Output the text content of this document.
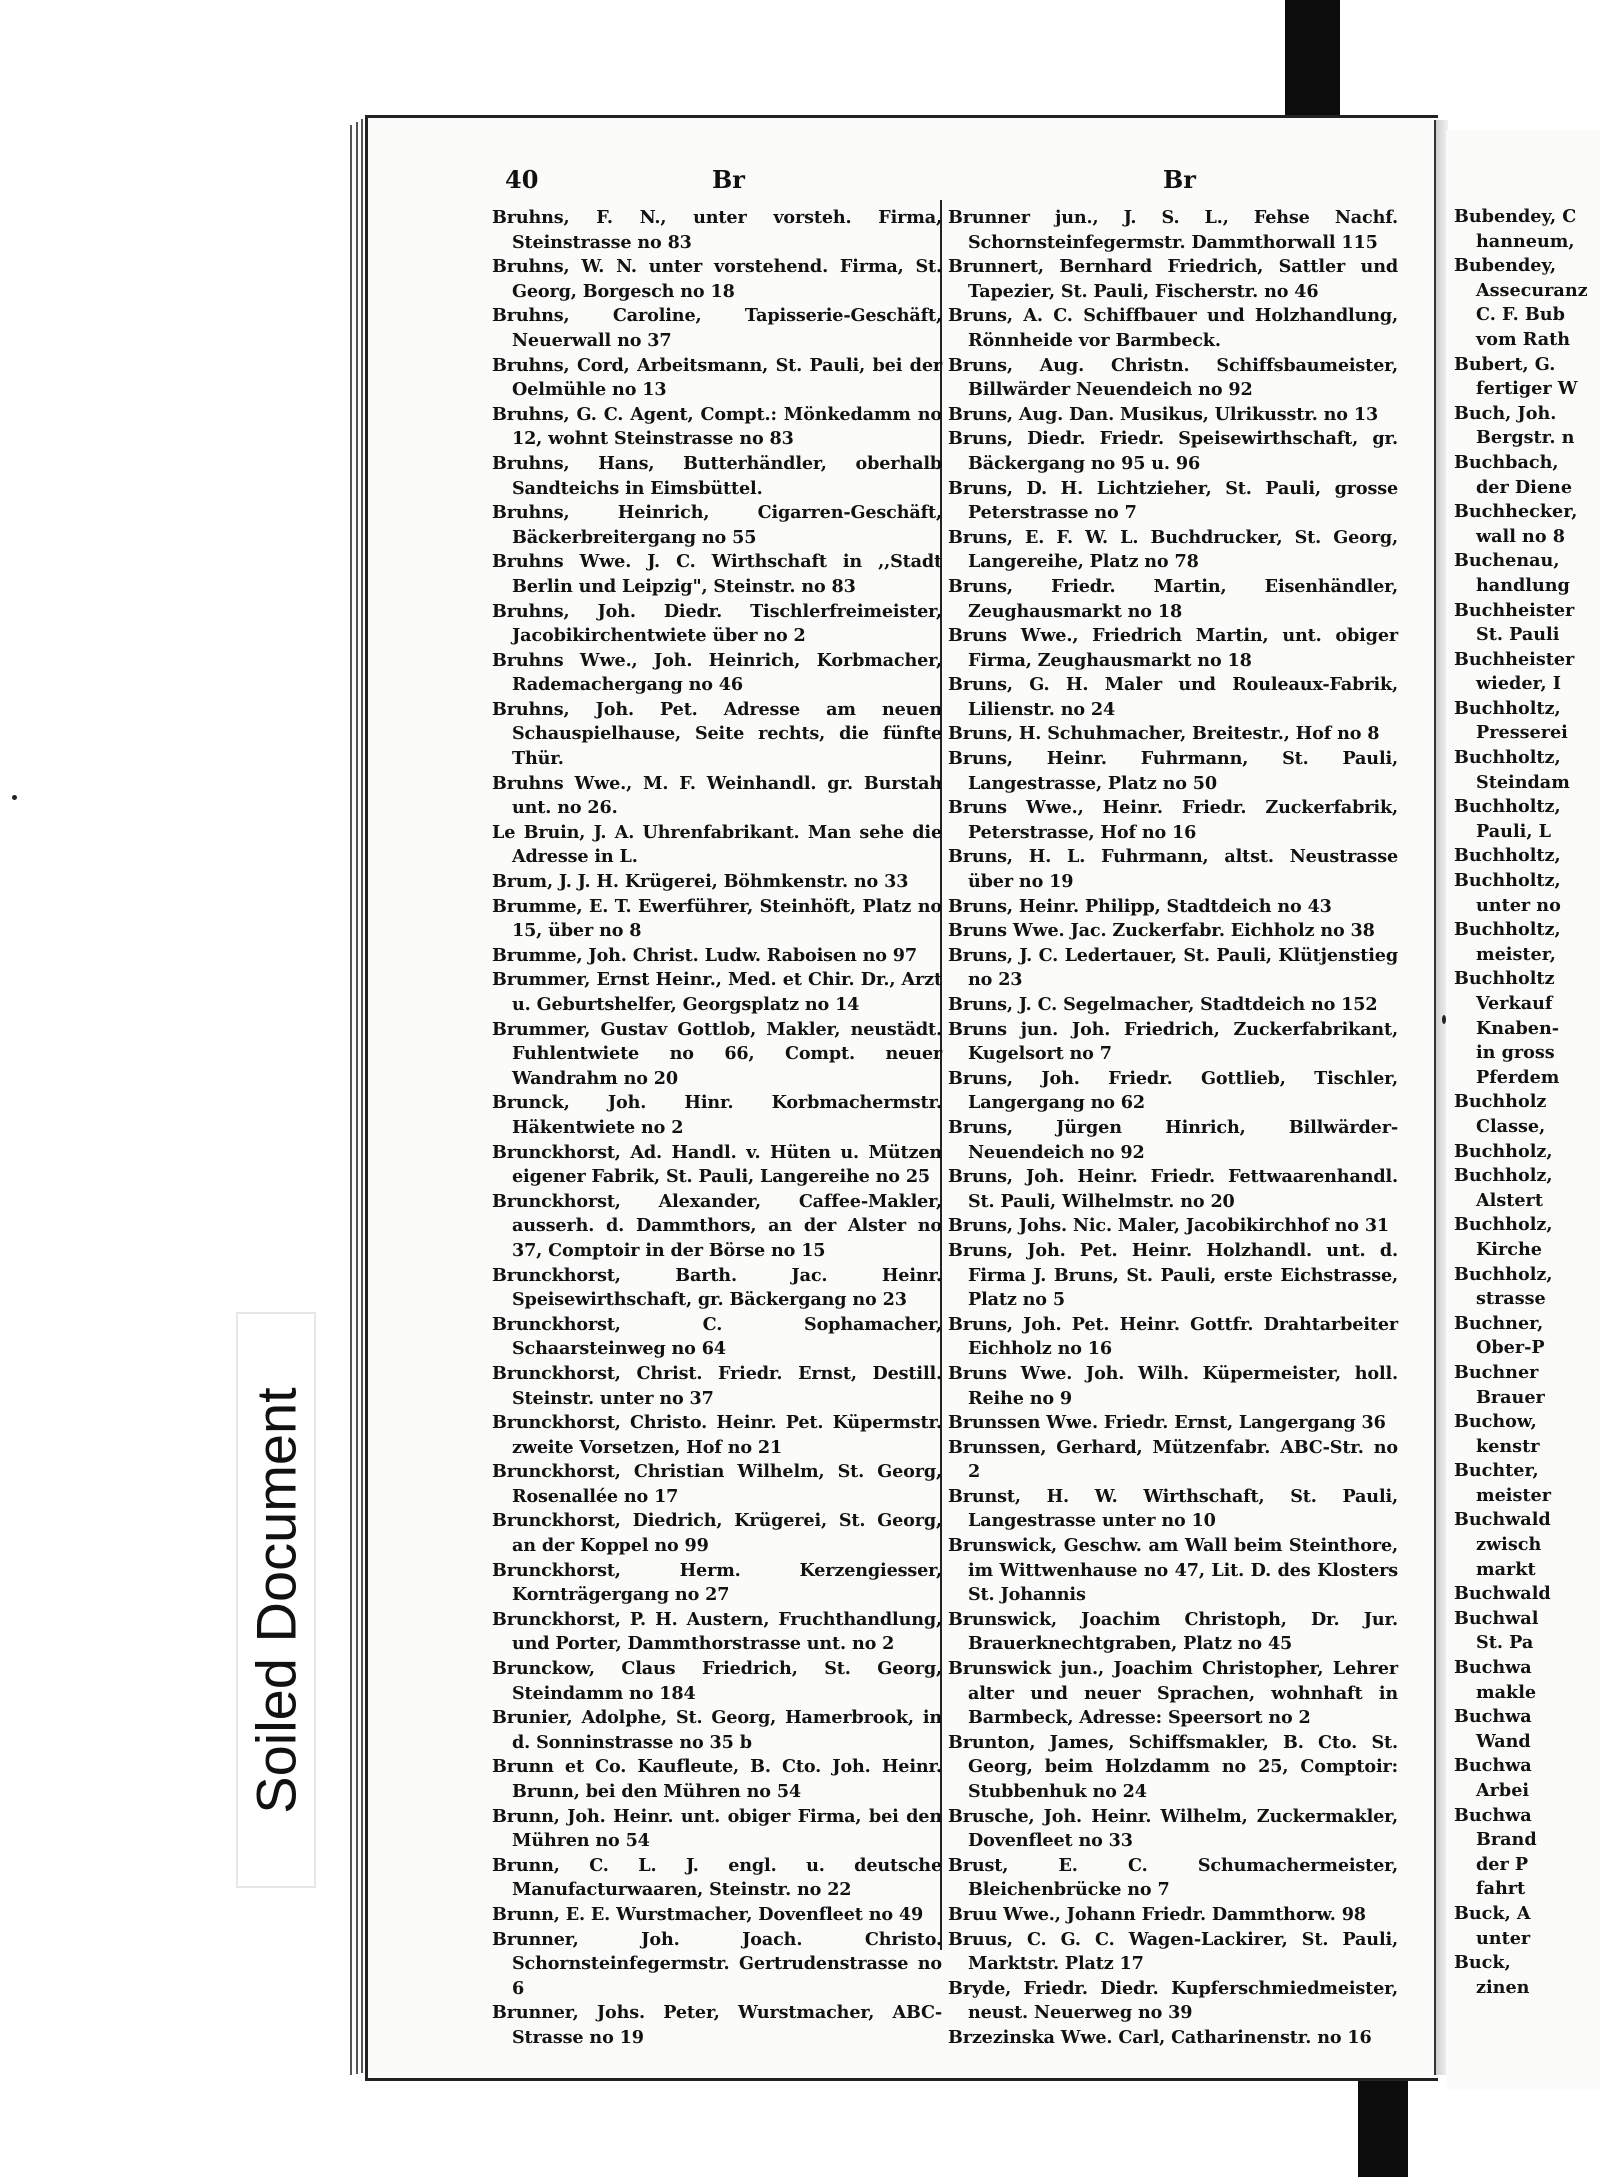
Bubendey, C
hanneum,
Bubendey,
Assecuranz
C. F. Bub
vom Rath
Bubert, G.
fertiger W
Buch, Joh.
Bergstr. n
Buchbach,
der Diene
Buchhecker,
wall no 8
Buchenau,
handlung
Buchheister
St. Pauli
Buchheister
wieder, I
Buchholtz,
Presserei
Buchholtz,
Steindam
Buchholtz,
Pauli, L
Buchholtz,
Buchholtz,
unter no
Buchholtz,
meister,
Buchholtz
Verkauf
Knaben-
in gross
Pferdem
Buchholz
Classe,
Buchholz,
Buchholz,
Alstert
Buchholz,
Kirche
Buchholz,
strasse
Buchner,
Ober-P
Buchner
Brauer
Buchow,
kenstr
Buchter,
meister
Buchwald
zwisch
markt
Buchwald
Buchwal
St. Pa
Buchwa
makle
Buchwa
Wand
Buchwa
Arbei
Buchwa
Brand
der P
fahrt
Buck, A
unter
Buck,
zinen
40	Br	Br

Bruhns, F. N., unter vorsteh. Firma, Steinstrasse no 83

Bruhns, W. N. unter vorstehend. Firma, St. Georg, Borgesch no 18

Bruhns, Caroline, Tapisserie-Geschäft, Neuerwall no 37

Bruhns, Cord, Arbeitsmann, St. Pauli, bei der Oelmühle no 13

Bruhns, G. C. Agent, Compt.: Mönkedamm no 12, wohnt Steinstrasse no 83

Bruhns, Hans, Butterhändler, oberhalb Sandteichs in Eimsbüttel.

Bruhns, Heinrich, Cigarren-Geschäft, Bäckerbreitergang no 55

Bruhns Wwe. J. C. Wirthschaft in ,,Stadt Berlin und Leipzig", Steinstr. no 83

Bruhns, Joh. Diedr. Tischlerfreimeister, Jacobikirchentwiete über no 2

Bruhns Wwe., Joh. Heinrich, Korbmacher, Rademachergang no 46

Bruhns, Joh. Pet. Adresse am neuen Schauspielhause, Seite rechts, die fünfte Thür.

Bruhns Wwe., M. F. Weinhandl. gr. Burstah unt. no 26.

Le Bruin, J. A. Uhrenfabrikant. Man sehe die Adresse in L.

Brum, J. J. H. Krügerei, Böhmkenstr. no 33

Brumme, E. T. Ewerführer, Steinhöft, Platz no 15, über no 8

Brumme, Joh. Christ. Ludw. Raboisen no 97

Brummer, Ernst Heinr., Med. et Chir. Dr., Arzt u. Geburtshelfer, Georgsplatz no 14

Brummer, Gustav Gottlob, Makler, neustädt. Fuhlentwiete no 66, Compt. neuer Wandrahm no 20

Brunck, Joh. Hinr. Korbmachermstr. Häkentwiete no 2

Brunckhorst, Ad. Handl. v. Hüten u. Mützen eigener Fabrik, St. Pauli, Langereihe no 25

Brunckhorst, Alexander, Caffee-Makler, ausserh. d. Dammthors, an der Alster no 37, Comptoir in der Börse no 15

Brunckhorst, Barth. Jac. Heinr. Speisewirthschaft, gr. Bäckergang no 23

Brunckhorst, C. Sophamacher, Schaarsteinweg no 64

Brunckhorst, Christ. Friedr. Ernst, Destill. Steinstr. unter no 37

Brunckhorst, Christo. Heinr. Pet. Küpermstr. zweite Vorsetzen, Hof no 21

Brunckhorst, Christian Wilhelm, St. Georg, Rosenallée no 17

Brunckhorst, Diedrich, Krügerei, St. Georg, an der Koppel no 99

Brunckhorst, Herm. Kerzengiesser, Kornträgergang no 27

Brunckhorst, P. H. Austern, Fruchthandlung, und Porter, Dammthorstrasse unt. no 2

Brunckow, Claus Friedrich, St. Georg, Steindamm no 184

Brunier, Adolphe, St. Georg, Hamerbrook, in d. Sonninstrasse no 35 b

Brunn et Co. Kaufleute, B. Cto. Joh. Heinr. Brunn, bei den Mühren no 54

Brunn, Joh. Heinr. unt. obiger Firma, bei den Mühren no 54

Brunn, C. L. J. engl. u. deutsche Manufacturwaaren, Steinstr. no 22

Brunn, E. E. Wurstmacher, Dovenfleet no 49

Brunner, Joh. Joach. Christo. Schornsteinfegermstr. Gertrudenstrasse no 6

Brunner, Johs. Peter, Wurstmacher, ABC-Strasse no 19

Brunner jun., J. S. L., Fehse Nachf. Schornsteinfegermstr. Dammthorwall 115

Brunnert, Bernhard Friedrich, Sattler und Tapezier, St. Pauli, Fischerstr. no 46

Bruns, A. C. Schiffbauer und Holzhandlung, Rönnheide vor Barmbeck.

Bruns, Aug. Christn. Schiffsbaumeister, Billwärder Neuendeich no 92

Bruns, Aug. Dan. Musikus, Ulrikusstr. no 13

Bruns, Diedr. Friedr. Speisewirthschaft, gr. Bäckergang no 95 u. 96

Bruns, D. H. Lichtzieher, St. Pauli, grosse Peterstrasse no 7

Bruns, E. F. W. L. Buchdrucker, St. Georg, Langereihe, Platz no 78

Bruns, Friedr. Martin, Eisenhändler, Zeughausmarkt no 18

Bruns Wwe., Friedrich Martin, unt. obiger Firma, Zeughausmarkt no 18

Bruns, G. H. Maler und Rouleaux-Fabrik, Lilienstr. no 24

Bruns, H. Schuhmacher, Breitestr., Hof no 8

Bruns, Heinr. Fuhrmann, St. Pauli, Langestrasse, Platz no 50

Bruns Wwe., Heinr. Friedr. Zuckerfabrik, Peterstrasse, Hof no 16

Bruns, H. L. Fuhrmann, altst. Neustrasse über no 19

Bruns, Heinr. Philipp, Stadtdeich no 43

Bruns Wwe. Jac. Zuckerfabr. Eichholz no 38

Bruns, J. C. Ledertauer, St. Pauli, Klütjenstieg no 23

Bruns, J. C. Segelmacher, Stadtdeich no 152

Bruns jun. Joh. Friedrich, Zuckerfabrikant, Kugelsort no 7

Bruns, Joh. Friedr. Gottlieb, Tischler, Langergang no 62

Bruns, Jürgen Hinrich, Billwärder-Neuendeich no 92

Bruns, Joh. Heinr. Friedr. Fettwaarenhandl. St. Pauli, Wilhelmstr. no 20

Bruns, Johs. Nic. Maler, Jacobikirchhof no 31

Bruns, Joh. Pet. Heinr. Holzhandl. unt. d. Firma J. Bruns, St. Pauli, erste Eichstrasse, Platz no 5

Bruns, Joh. Pet. Heinr. Gottfr. Drahtarbeiter Eichholz no 16

Bruns Wwe. Joh. Wilh. Küpermeister, holl. Reihe no 9

Brunssen Wwe. Friedr. Ernst, Langergang 36

Brunssen, Gerhard, Mützenfabr. ABC-Str. no 2

Brunst, H. W. Wirthschaft, St. Pauli, Langestrasse unter no 10

Brunswick, Geschw. am Wall beim Steinthore, im Wittwenhause no 47, Lit. D. des Klosters St. Johannis

Brunswick, Joachim Christoph, Dr. Jur. Brauerknechtgraben, Platz no 45

Brunswick jun., Joachim Christopher, Lehrer alter und neuer Sprachen, wohnhaft in Barmbeck, Adresse: Speersort no 2

Brunton, James, Schiffsmakler, B. Cto. St. Georg, beim Holzdamm no 25, Comptoir: Stubbenhuk no 24

Brusche, Joh. Heinr. Wilhelm, Zuckermakler, Dovenfleet no 33

Brust, E. C. Schumachermeister, Bleichenbrücke no 7

Bruu Wwe., Johann Friedr. Dammthorw. 98

Bruus, C. G. C. Wagen-Lackirer, St. Pauli, Marktstr. Platz 17

Bryde, Friedr. Diedr. Kupferschmiedmeister, neust. Neuerweg no 39

Brzezinska Wwe. Carl, Catharinenstr. no 16

Soiled Document
